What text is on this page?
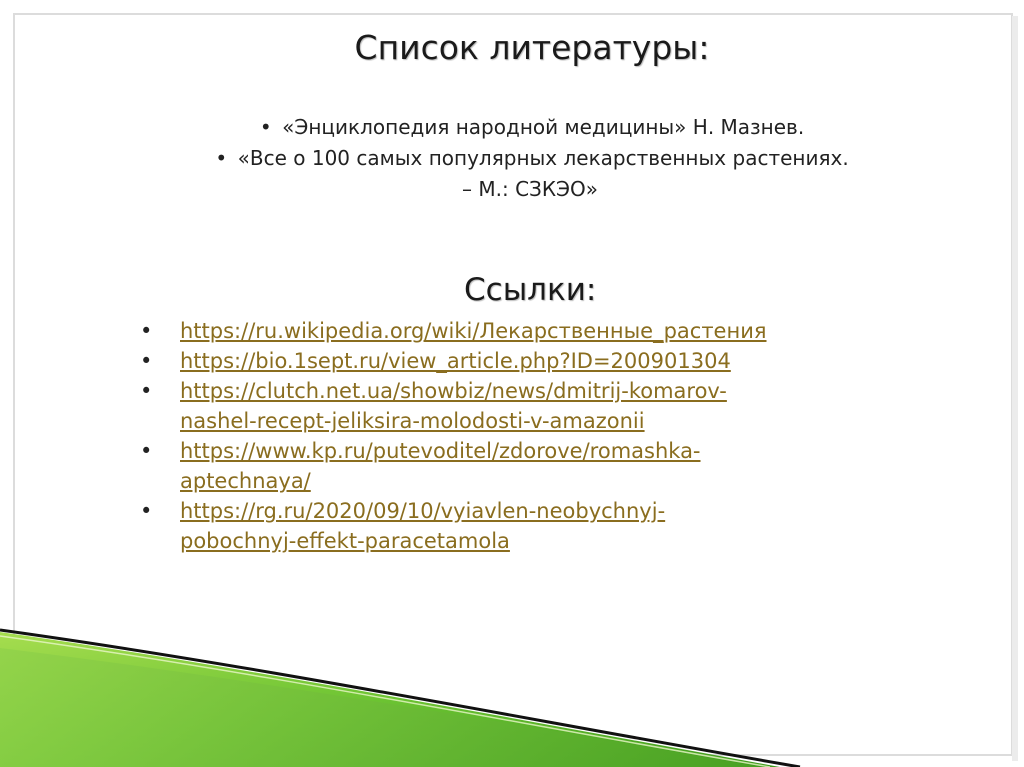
Список литературы:
• «Энциклопедия народной медицины» Н. Мазнев.
• «Все о 100 самых популярных лекарственных растениях.
– М.: СЗКЭО»
Ссылки:
•	https://ru.wikipedia.org/wiki/Лекарственные_растения
•	https://bio.1sept.ru/view_article.php?ID=200901304
•	https://clutch.net.ua/showbiz/news/dmitrij-komarov-
nashel-recept-jeliksira-molodosti-v-amazonii
•	https://www.kp.ru/putevoditel/zdorove/romashka-
aptechnaya/
•	https://rg.ru/2020/09/10/vyiavlen-neobychnyj-
pobochnyj-effekt-paracetamola
